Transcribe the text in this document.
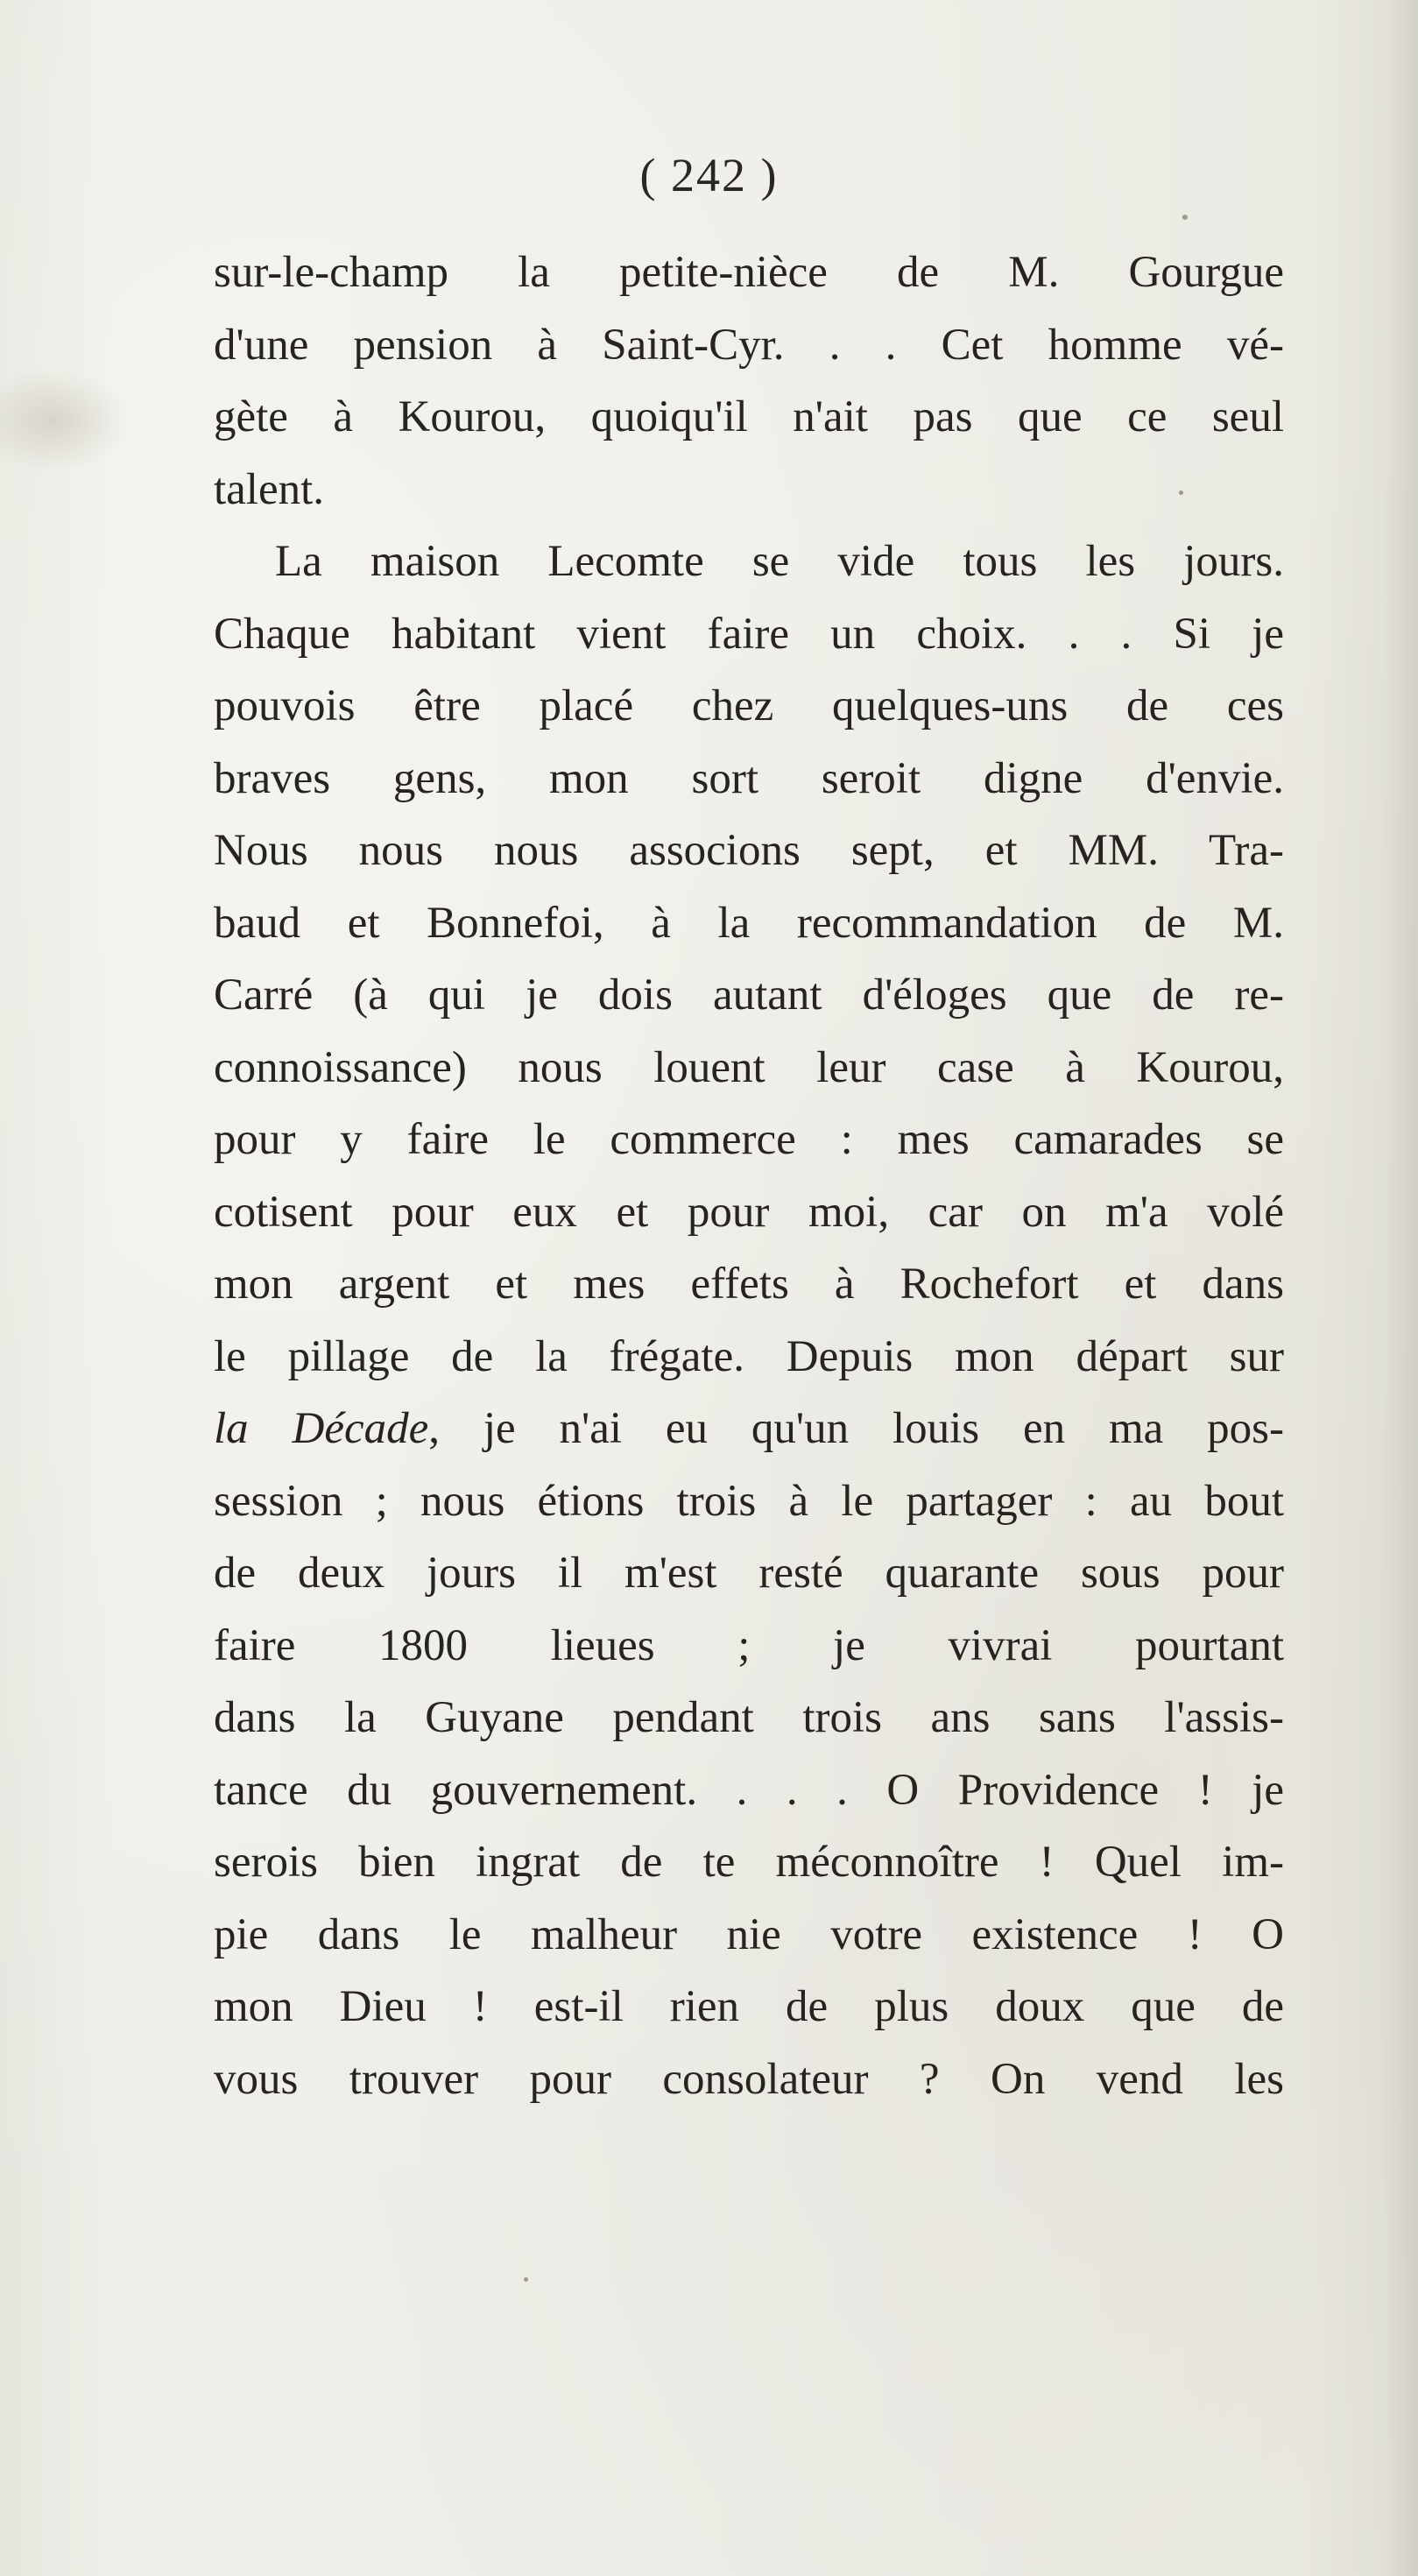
( 242 )
sur-le-champ la petite-nièce de M. Gourgue
d'une pension à Saint-Cyr. . . Cet homme vé-
gète à Kourou, quoiqu'il n'ait pas que ce seul
talent.
La maison Lecomte se vide tous les jours.
Chaque habitant vient faire un choix. . . Si je
pouvois être placé chez quelques-uns de ces
braves gens, mon sort seroit digne d'envie.
Nous nous nous associons sept, et MM. Tra-
baud et Bonnefoi, à la recommandation de M.
Carré (à qui je dois autant d'éloges que de re-
connoissance) nous louent leur case à Kourou,
pour y faire le commerce : mes camarades se
cotisent pour eux et pour moi, car on m'a volé
mon argent et mes effets à Rochefort et dans
le pillage de la frégate. Depuis mon départ sur
la Décade, je n'ai eu qu'un louis en ma pos-
session ; nous étions trois à le partager : au bout
de deux jours il m'est resté quarante sous pour
faire 1800 lieues ; je vivrai pourtant
dans la Guyane pendant trois ans sans l'assis-
tance du gouvernement. . . . O Providence ! je
serois bien ingrat de te méconnoître ! Quel im-
pie dans le malheur nie votre existence ! O
mon Dieu ! est-il rien de plus doux que de
vous trouver pour consolateur ? On vend les
